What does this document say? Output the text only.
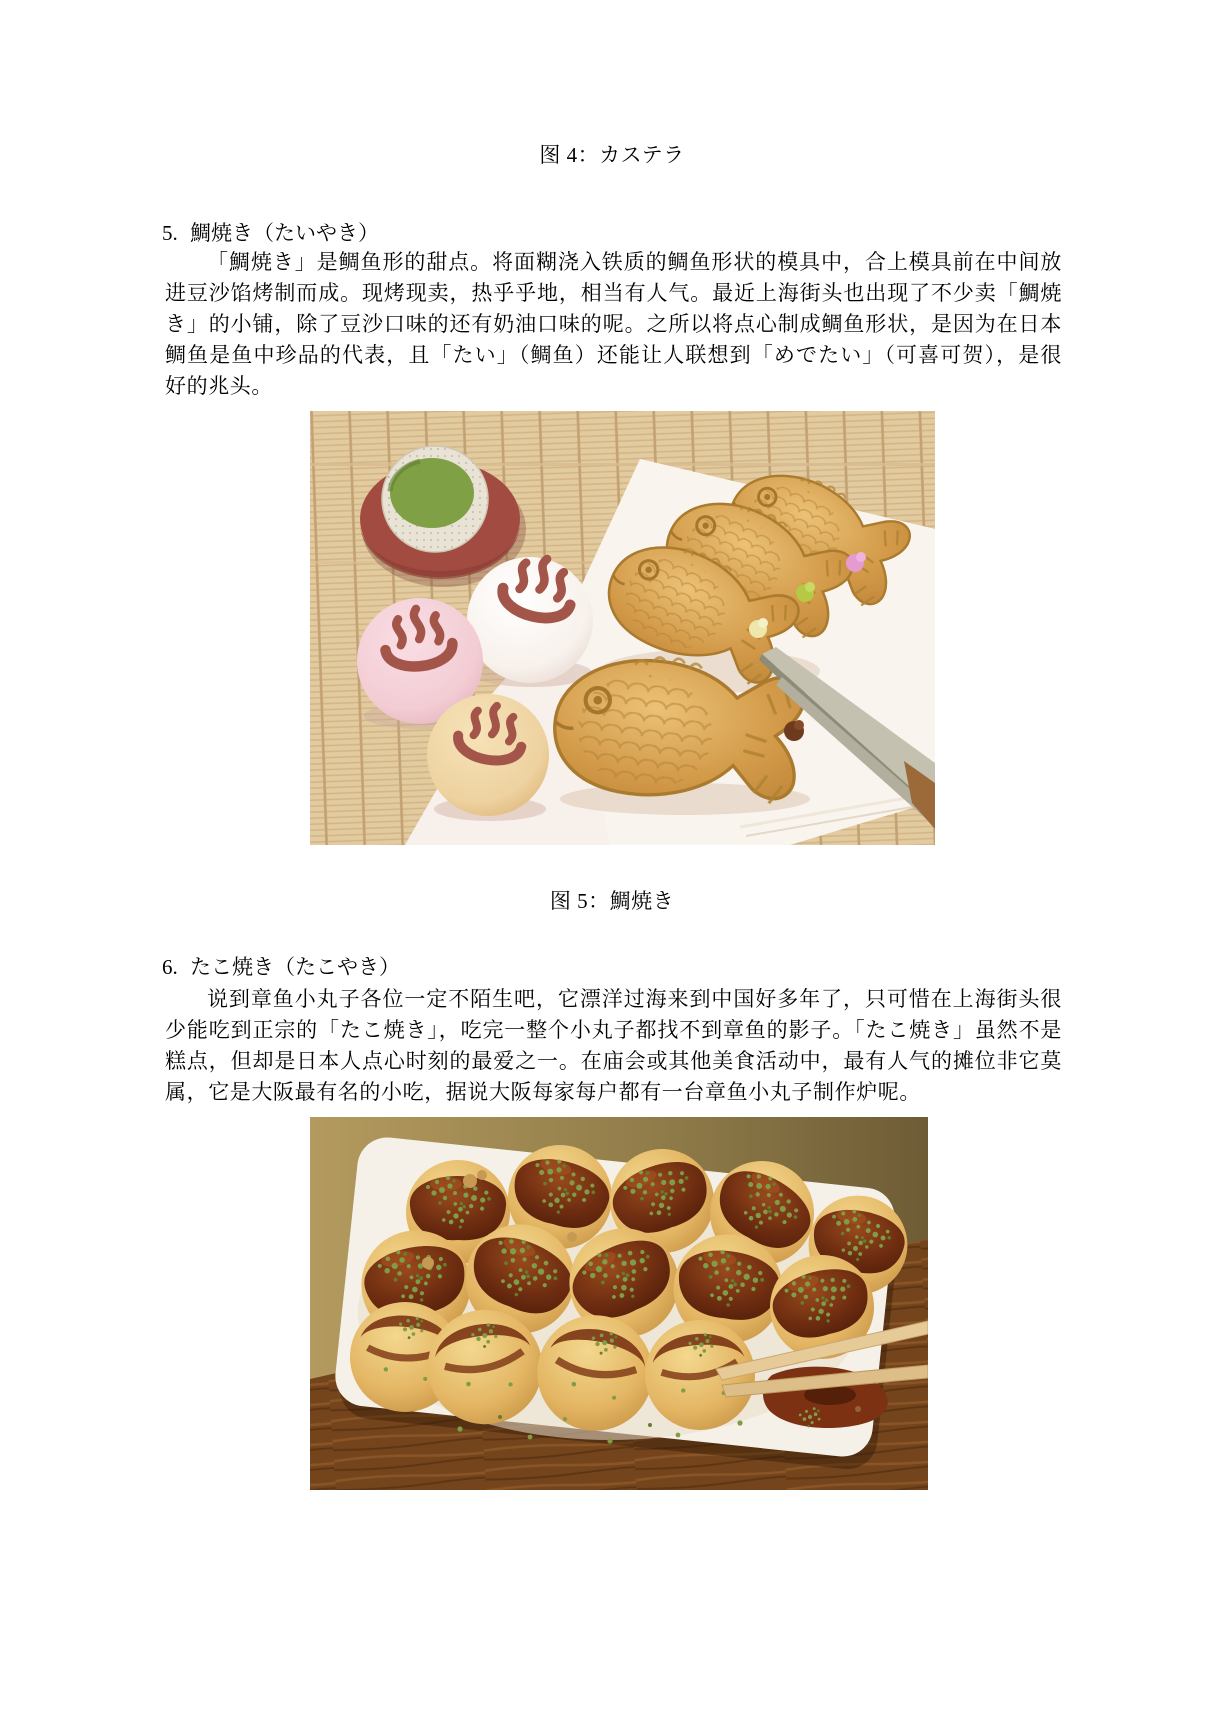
图 4：カステラ
5. 鯛焼き（たいやき）
「鯛焼き」是鲷鱼形的甜点。将面糊浇入铁质的鲷鱼形状的模具中，合上模具前在中间放进豆沙馅烤制而成。现烤现卖，热乎乎地，相当有人气。最近上海街头也出现了不少卖「鯛焼き」的小铺，除了豆沙口味的还有奶油口味的呢。之所以将点心制成鲷鱼形状，是因为在日本鲷鱼是鱼中珍品的代表，且「たい」（鲷鱼）还能让人联想到「めでたい」（可喜可贺），是很好的兆头。
图 5：鯛焼き
6. たこ焼き（たこやき）
说到章鱼小丸子各位一定不陌生吧，它漂洋过海来到中国好多年了，只可惜在上海街头很少能吃到正宗的「たこ焼き」，吃完一整个小丸子都找不到章鱼的影子。「たこ焼き」虽然不是糕点，但却是日本人点心时刻的最爱之一。在庙会或其他美食活动中，最有人气的摊位非它莫属，它是大阪最有名的小吃，据说大阪每家每户都有一台章鱼小丸子制作炉呢。
